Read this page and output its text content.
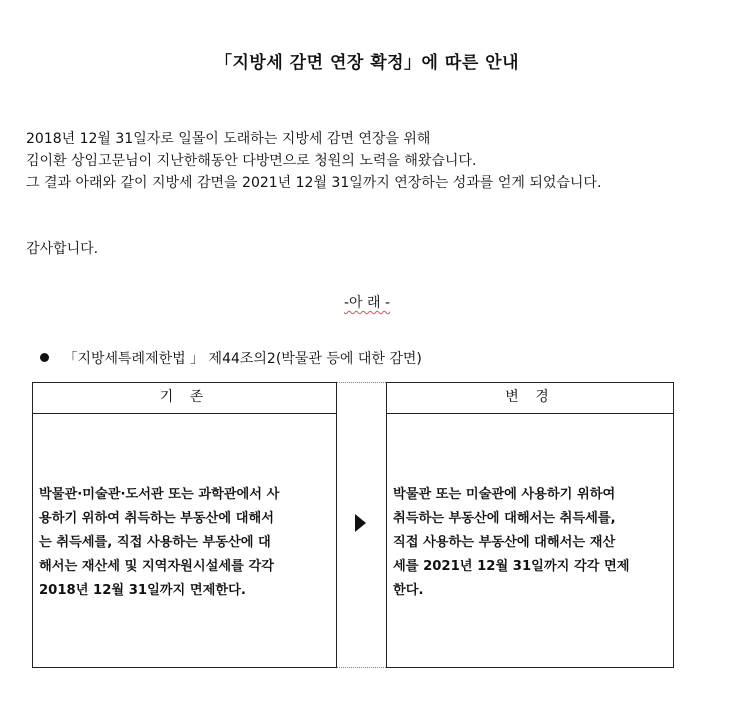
「지방세 감면 연장 확정」에 따른 안내
2018년 12월 31일자로 일몰이 도래하는 지방세 감면 연장을 위해
김이환 상임고문님이 지난한해동안 다방면으로 청원의 노력을 해왔습니다.
그 결과 아래와 같이 지방세 감면을 2021년 12월 31일까지 연장하는 성과를 얻게 되었습니다.
감사합니다.
-아 래 -
「지방세특례제한법 」 제44조의2(박물관 등에 대한 감면)
기 존
박물관·미술관·도서관 또는 과학관에서 사
용하기 위하여 취득하는 부동산에 대해서
는 취득세를, 직접 사용하는 부동산에 대
해서는 재산세 및 지역자원시설세를 각각
2018년 12월 31일까지 면제한다.
변 경
박물관 또는 미술관에 사용하기 위하여
취득하는 부동산에 대해서는 취득세를,
직접 사용하는 부동산에 대해서는 재산
세를 2021년 12월 31일까지 각각 면제
한다.
